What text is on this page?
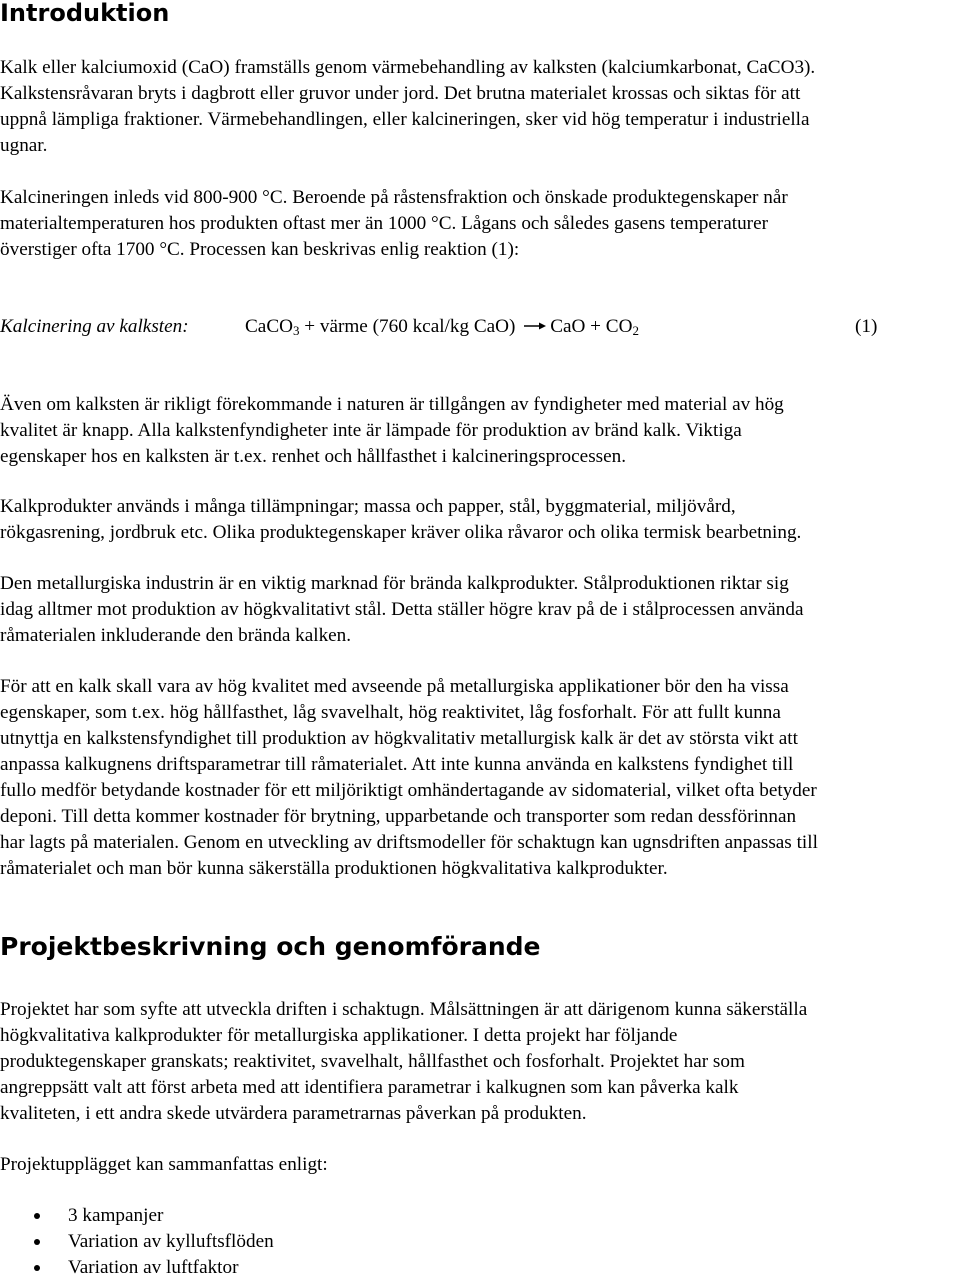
Introduktion
Kalk eller kalciumoxid (CaO) framställs genom värmebehandling av kalksten (kalciumkarbonat, CaCO3).
Kalkstensråvaran bryts i dagbrott eller gruvor under jord. Det brutna materialet krossas och siktas för att
uppnå lämpliga fraktioner. Värmebehandlingen, eller kalcineringen, sker vid hög temperatur i industriella
ugnar.
Kalcineringen inleds vid 800-900 °C. Beroende på råstensfraktion och önskade produktegenskaper når
materialtemperaturen hos produkten oftast mer än 1000 °C. Lågans och således gasens temperaturer
överstiger ofta 1700 °C. Processen kan beskrivas enlig reaktion (1):
Kalcinering av kalksten:	CaCO$_3$ + värme (760 kcal/kg CaO) CaO + $CO_2$	(1)
Även om kalksten är rikligt förekommande i naturen är tillgången av fyndigheter med material av hög
kvalitet är knapp. Alla kalkstenfyndigheter inte är lämpade för produktion av bränd kalk. Viktiga
egenskaper hos en kalksten är t.ex. renhet och hållfasthet i kalcineringsprocessen.
Kalkprodukter används i många tillämpningar; massa och papper, stål, byggmaterial, miljövård,
rökgasrening, jordbruk etc. Olika produktegenskaper kräver olika råvaror och olika termisk bearbetning.
Den metallurgiska industrin är en viktig marknad för brända kalkprodukter. Stålproduktionen riktar sig
idag alltmer mot produktion av högkvalitativt stål. Detta ställer högre krav på de i stålprocessen använda
råmaterialen inkluderande den brända kalken.
För att en kalk skall vara av hög kvalitet med avseende på metallurgiska applikationer bör den ha vissa
egenskaper, som t.ex. hög hållfasthet, låg svavelhalt, hög reaktivitet, låg fosforhalt. För att fullt kunna
utnyttja en kalkstensfyndighet till produktion av högkvalitativ metallurgisk kalk är det av största vikt att
anpassa kalkugnens driftsparametrar till råmaterialet. Att inte kunna använda en kalkstens fyndighet till
fullo medför betydande kostnader för ett miljöriktigt omhändertagande av sidomaterial, vilket ofta betyder
deponi. Till detta kommer kostnader för brytning, upparbetande och transporter som redan dessförinnan
har lagts på materialen. Genom en utveckling av driftsmodeller för schaktugn kan ugnsdriften anpassas till
råmaterialet och man bör kunna säkerställa produktionen högkvalitativa kalkprodukter.
Projektbeskrivning och genomförande
Projektet har som syfte att utveckla driften i schaktugn. Målsättningen är att därigenom kunna säkerställa
högkvalitativa kalkprodukter för metallurgiska applikationer. I detta projekt har följande
produktegenskaper granskats; reaktivitet, svavelhalt, hållfasthet och fosforhalt. Projektet har som
angreppsätt valt att först arbeta med att identifiera parametrar i kalkugnen som kan påverka kalk
kvaliteten, i ett andra skede utvärdera parametrarnas påverkan på produkten.
Projektupplägget kan sammanfattas enligt:
3 kampanjer
Variation av kylluftsflöden
Variation av luftfaktor
